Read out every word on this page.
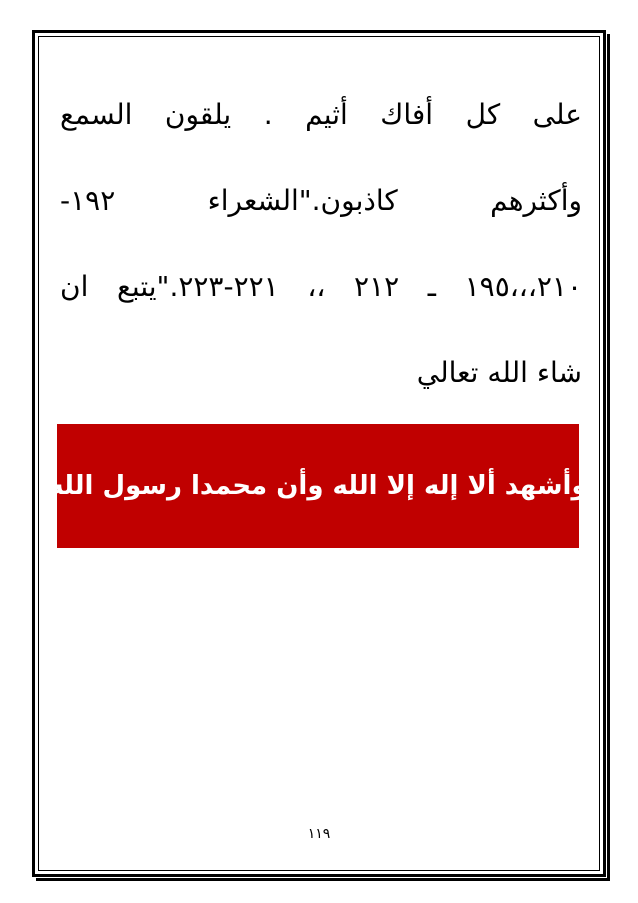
على كل أفاك أثيم . يلقون السمع
وأكثرهم كاذبون."الشعراء ١٩٢-
٢١٠،،،١٩٥ ـ ٢١٢ ،، ٢٢١-٢٢٣."يتبع ان
شاء الله تعالي
وأشهد ألا إله إلا الله وأن محمدا رسول الله
١١٩
